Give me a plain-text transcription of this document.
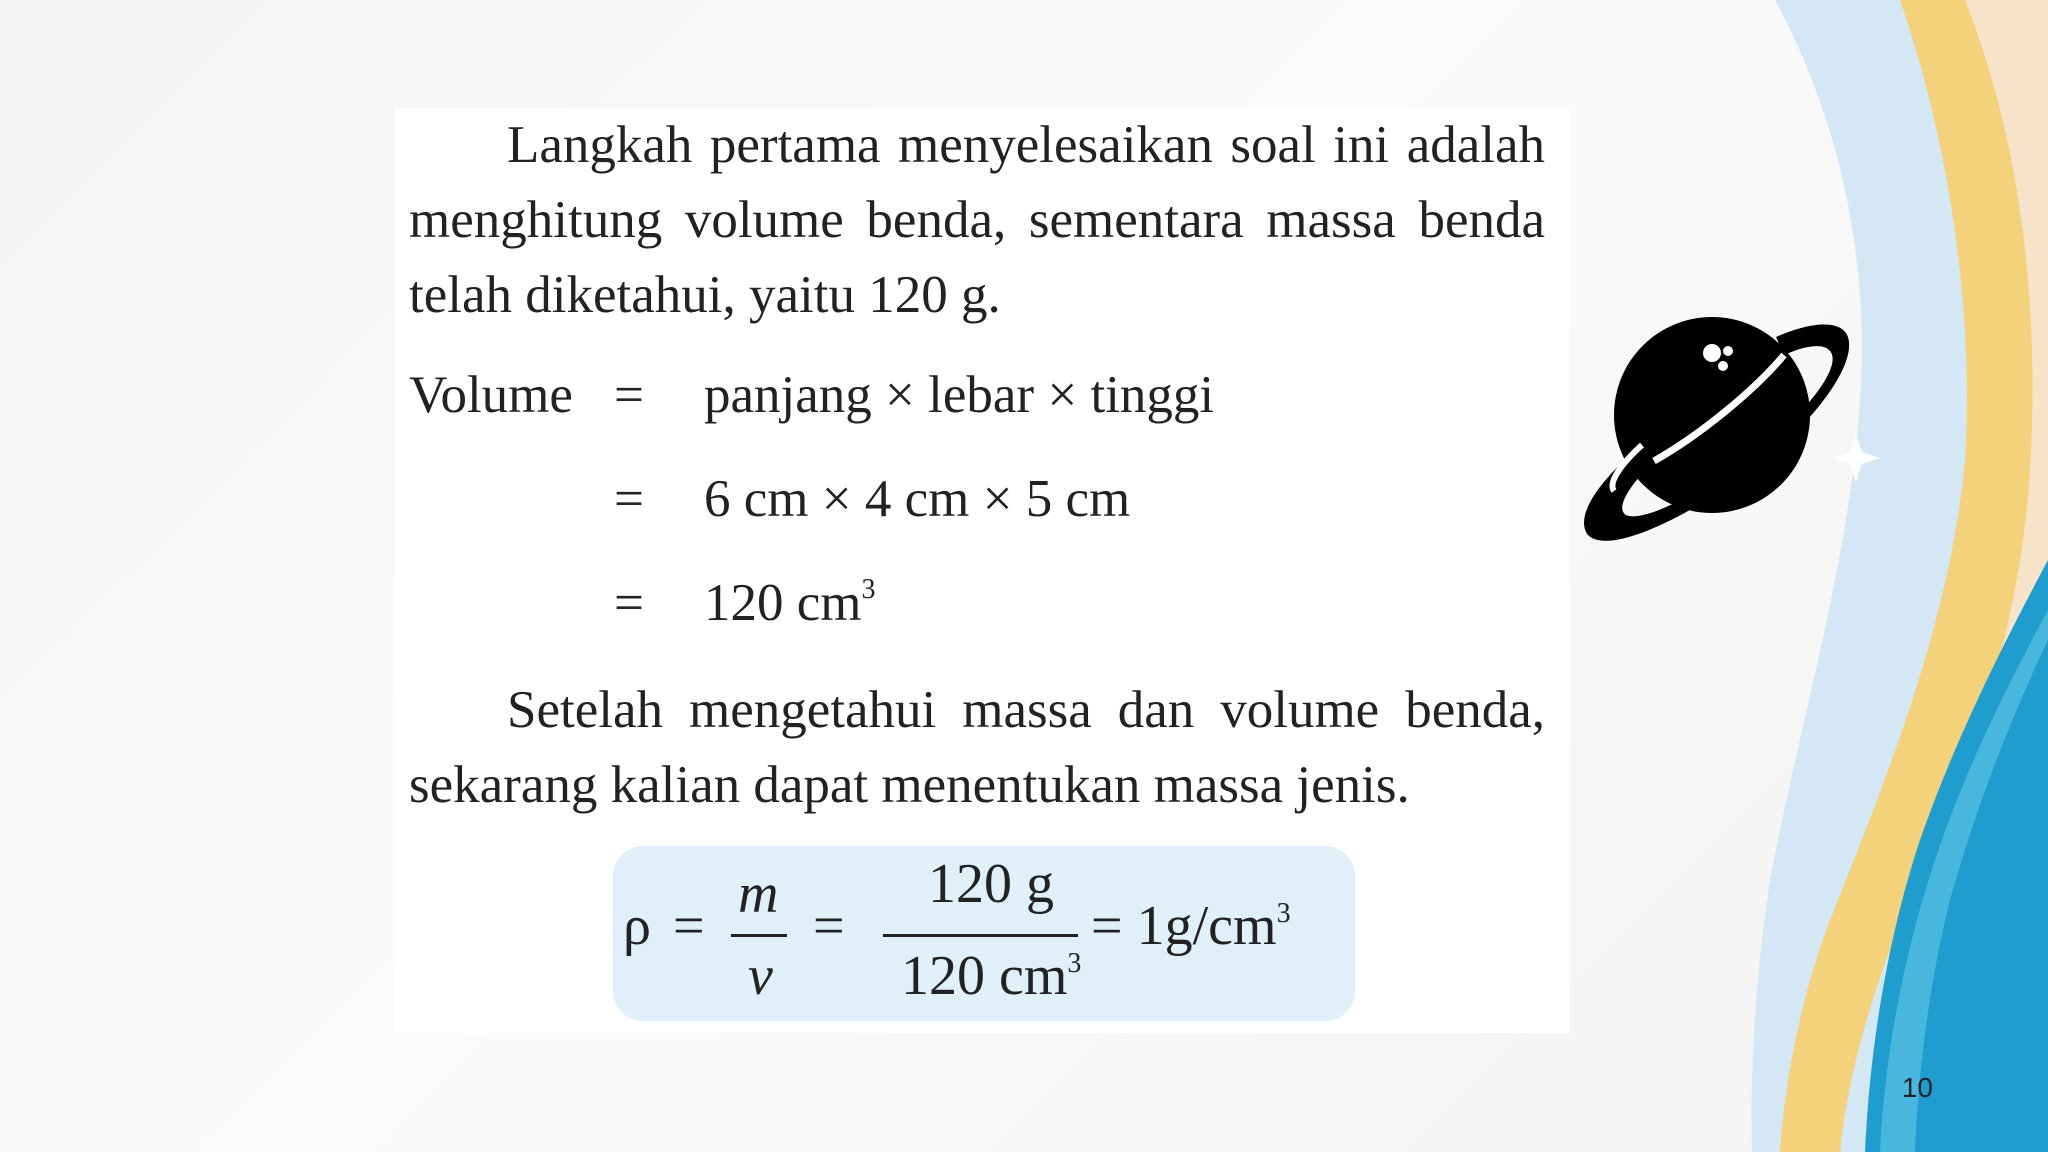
Langkah pertama menyelesaikan soal ini adalah menghitung volume benda, sementara massa benda telah diketahui, yaitu 120 g.

Volume = panjang × lebar × tinggi
= 6 cm × 4 cm × 5 cm
= 120 $cm^3$

Setelah mengetahui massa dan volume benda, sekarang kalian dapat menentukan massa jenis.

ρ =
m
v
=
120 g
120 $cm^3$
= $1g/cm^3$
10
